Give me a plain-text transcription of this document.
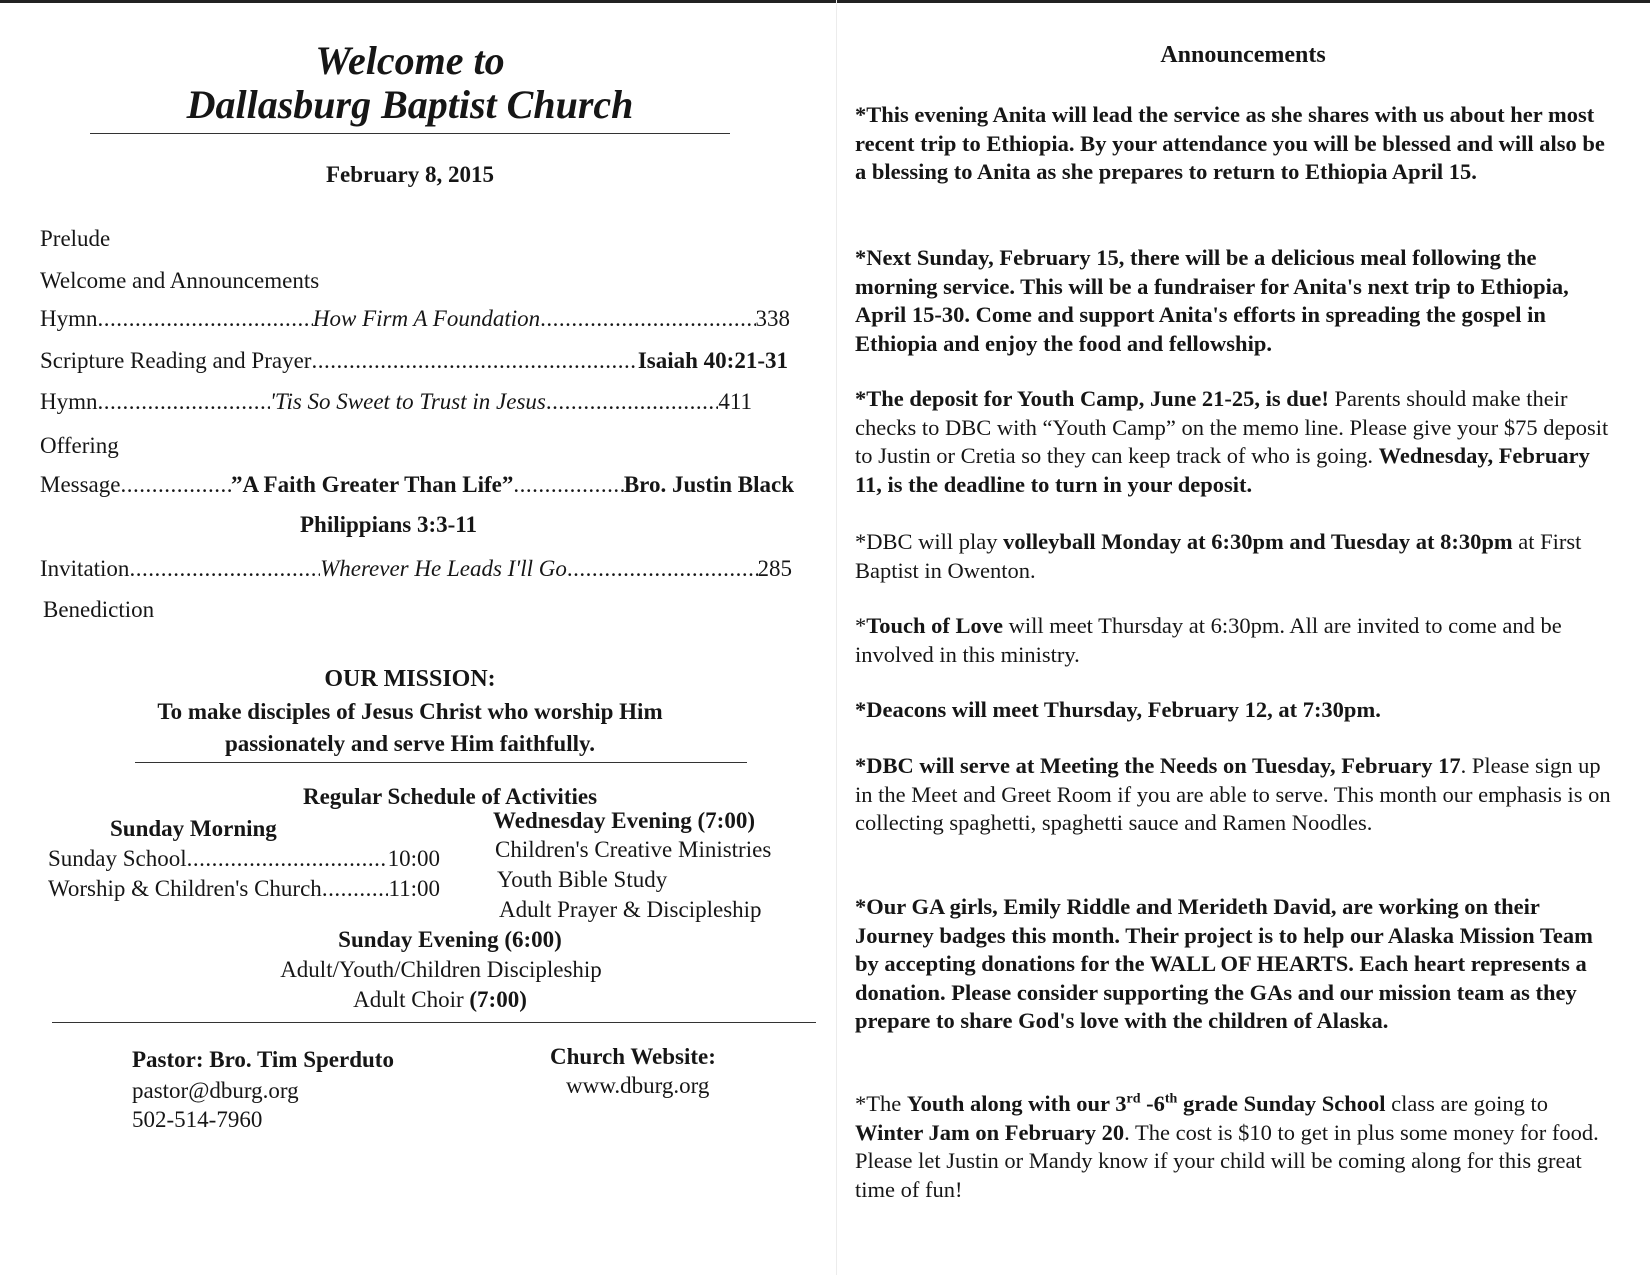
Welcome to
Dallasburg Baptist Church
February 8, 2015
Prelude
Welcome and Announcements
Hymn .....	How Firm A Foundation .....	338
Scripture Reading and Prayer .....	Isaiah 40:21-31
Hymn .....	'Tis So Sweet to Trust in Jesus .....	411
Offering
Message .....	”A Faith Greater Than Life” .....	Bro. Justin Black
Philippians 3:3-11
Invitation .....	Wherever He Leads I'll Go .....	285
Benediction
OUR MISSION:
To make disciples of Jesus Christ who worship Him
passionately and serve Him faithfully.
Regular Schedule of Activities
Sunday Morning
Sunday School .....	10:00
Worship & Children's Church .....	11:00
Wednesday Evening (7:00)
Children's Creative Ministries
Youth Bible Study
Adult Prayer & Discipleship
Sunday Evening (6:00)
Adult/Youth/Children Discipleship
Adult Choir (7:00)
Pastor: Bro. Tim Sperduto
pastor@dburg.org
502-514-7960
Church Website:
www.dburg.org
Announcements
*This evening Anita will lead the service as she shares with us about her most recent trip to Ethiopia. By your attendance you will be blessed and will also be a blessing to Anita as she prepares to return to Ethiopia April 15.
*Next Sunday, February 15, there will be a delicious meal following the morning service. This will be a fundraiser for Anita's next trip to Ethiopia, April 15-30. Come and support Anita's efforts in spreading the gospel in Ethiopia and enjoy the food and fellowship.
*The deposit for Youth Camp, June 21-25, is due! Parents should make their checks to DBC with “Youth Camp” on the memo line. Please give your $75 deposit to Justin or Cretia so they can keep track of who is going. Wednesday, February 11, is the deadline to turn in your deposit.
*DBC will play volleyball Monday at 6:30pm and Tuesday at 8:30pm at First Baptist in Owenton.
*Touch of Love will meet Thursday at 6:30pm. All are invited to come and be involved in this ministry.
*Deacons will meet Thursday, February 12, at 7:30pm.
*DBC will serve at Meeting the Needs on Tuesday, February 17. Please sign up in the Meet and Greet Room if you are able to serve. This month our emphasis is on collecting spaghetti, spaghetti sauce and Ramen Noodles.
*Our GA girls, Emily Riddle and Merideth David, are working on their Journey badges this month. Their project is to help our Alaska Mission Team by accepting donations for the WALL OF HEARTS. Each heart represents a donation. Please consider supporting the GAs and our mission team as they prepare to share God's love with the children of Alaska.
*The Youth along with our 3rd -6th grade Sunday School class are going to Winter Jam on February 20. The cost is $10 to get in plus some money for food. Please let Justin or Mandy know if your child will be coming along for this great time of fun!
